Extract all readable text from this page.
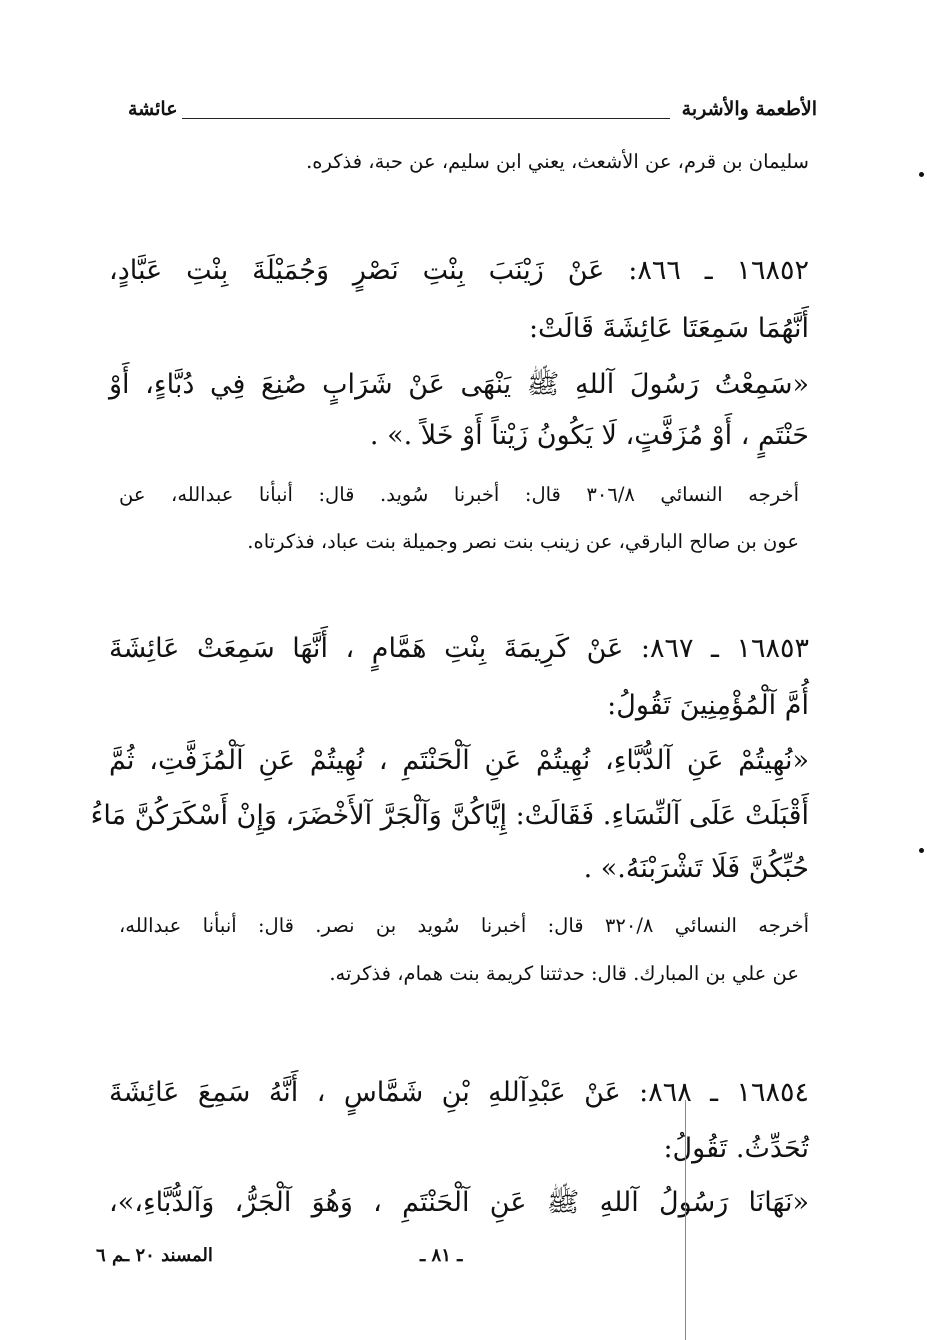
الأطعمة والأشربة
عائشة
سليمان بن قرم، عن الأشعث، يعني ابن سليم، عن حبة، فذكره.
١٦٨٥٢ ـ ٨٦٦: عَنْ زَيْنَبَ بِنْتِ نَصْرٍ وَجُمَيْلَةَ بِنْتِ عَبَّادٍ،
أَنَّهُمَا سَمِعَتَا عَائِشَةَ قَالَتْ:
«سَمِعْتُ رَسُولَ آللهِ ﷺ يَنْهَى عَنْ شَرَابٍ صُنِعَ فِي دُبَّاءٍ، أَوْ
حَنْتَمٍ ، أَوْ مُزَفَّتٍ، لَا يَكُونُ زَيْتاً أَوْ خَلاً .» .
أخرجه النسائي ٣٠٦/٨ قال: أخبرنا سُويد. قال: أنبأنا عبدالله، عن
عون بن صالح البارقي، عن زينب بنت نصر وجميلة بنت عباد، فذكرتاه.
١٦٨٥٣ ـ ٨٦٧: عَنْ كَرِيمَةَ بِنْتِ هَمَّامٍ ، أَنَّهَا سَمِعَتْ عَائِشَةَ
أُمَّ آلْمُؤْمِنِينَ تَقُولُ:
«نُهِيتُمْ عَنِ آلدُّبَّاءِ، نُهِيتُمْ عَنِ آلْحَنْتَمِ ، نُهِيتُمْ عَنِ آلْمُزَفَّتِ، ثُمَّ
أَقْبَلَتْ عَلَى آلنِّسَاءِ. فَقَالَتْ: إِيَّاكُنَّ وَآلْجَرَّ آلأَخْضَرَ، وَإِنْ أَسْكَرَكُنَّ مَاءُ
حُبِّكُنَّ فَلَا تَشْرَبْنَهُ.» .
أخرجه النسائي ٣٢٠/٨ قال: أخبرنا سُويد بن نصر. قال: أنبأنا عبدالله،
عن علي بن المبارك. قال: حدثتنا كريمة بنت همام، فذكرته.
١٦٨٥٤ ـ ٨٦٨: عَنْ عَبْدِآللهِ بْنِ شَمَّاسٍ ، أَنَّهُ سَمِعَ عَائِشَةَ
تُحَدِّثُ. تَقُولُ:
«نَهَانَا رَسُولُ آللهِ ﷺ عَنِ آلْحَنْتَمِ ، وَهُوَ آلْجَرُّ، وَآلدُّبَّاءِ،»،
ـ ٨١ ـ
المسند ٢٠ ـم ٦
